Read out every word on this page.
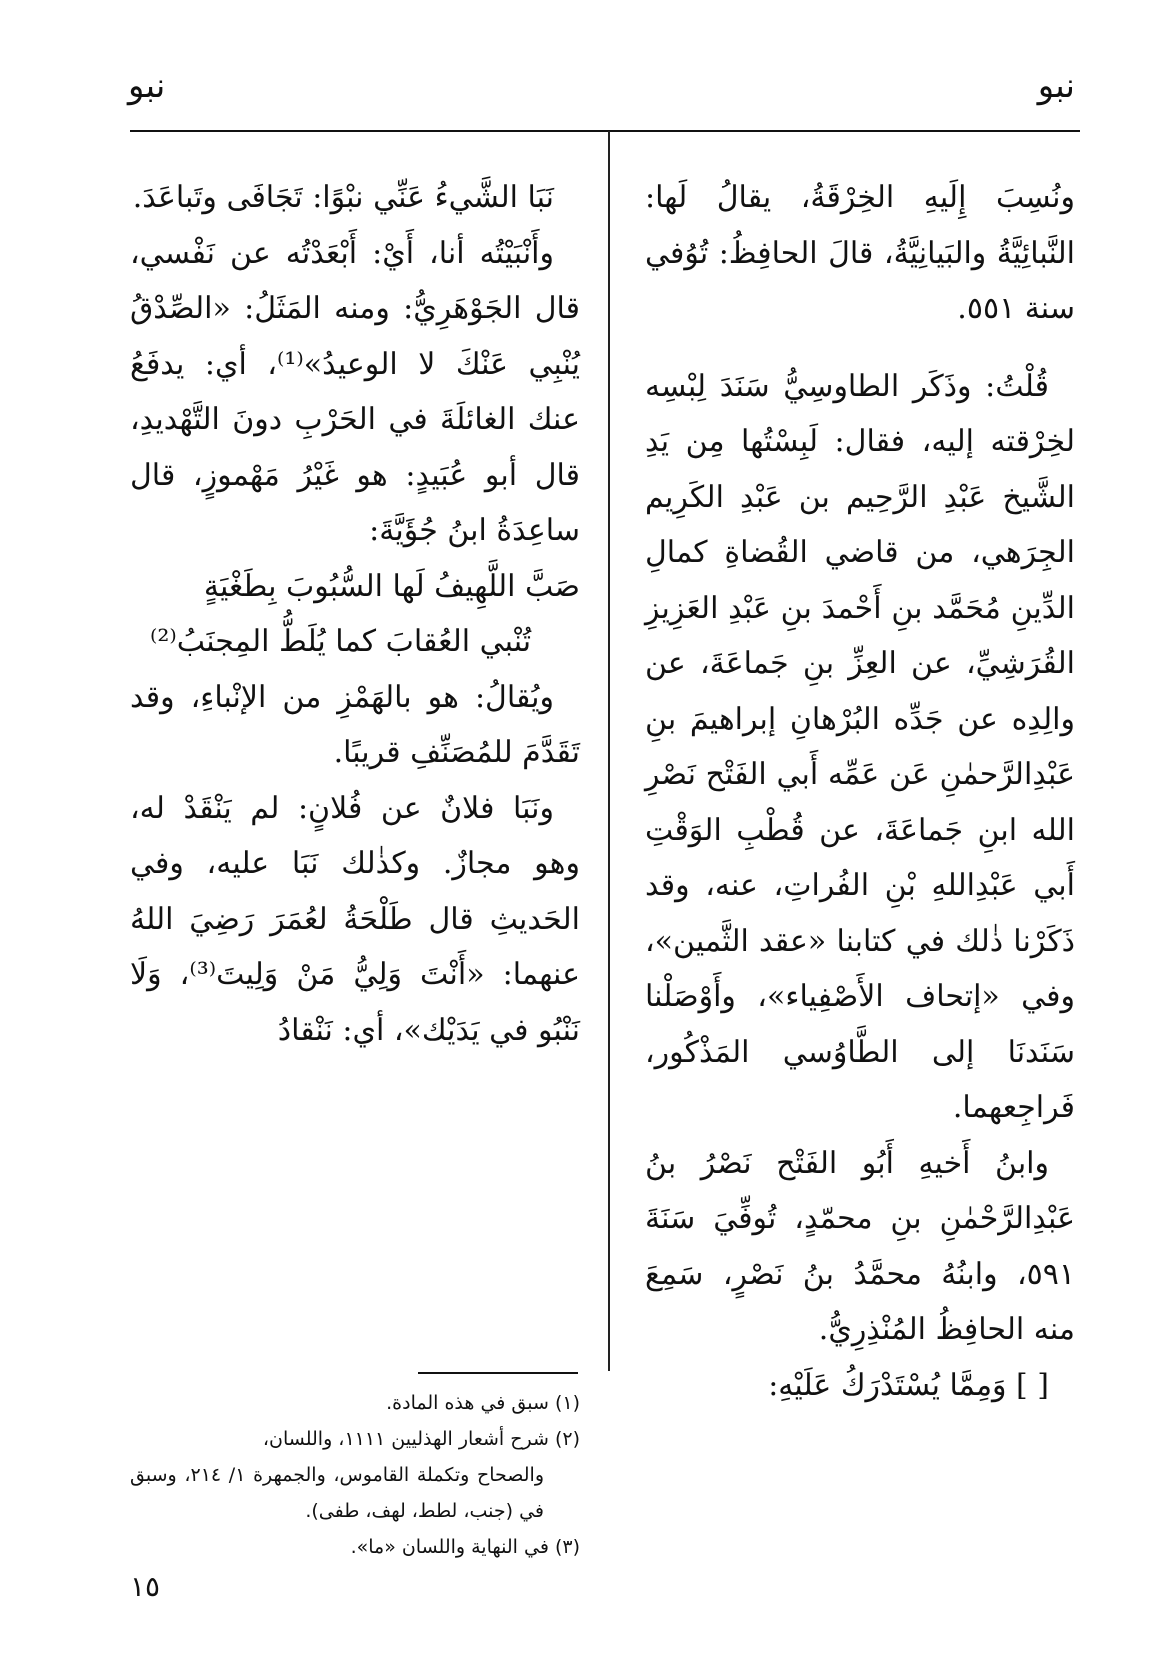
نبو
نبو

ونُسِبَ إِلَيهِ الخِرْقَةُ، يقالُ لَها: النَّبائِيَّةُ والبَيانِيَّةُ، قالَ الحافِظُ: تُوُفي سنة ٥٥١.

قُلْتُ: وذَكَر الطاوسِيُّ سَنَدَ لِبْسِه لخِرْقته إليه، فقال: لَبِسْتُها مِن يَدِ الشَّيخ عَبْدِ الرَّحِيم بن عَبْدِ الكَرِيم الجِرَهي، من قاضي القُضاةِ كمالِ الدِّينِ مُحَمَّد بنِ أَحْمدَ بنِ عَبْدِ العَزِيزِ القُرَشِيِّ، عن العِزِّ بنِ جَماعَةَ، عن والِدِه عن جَدِّه البُرْهانِ إبراهيمَ بنِ عَبْدِالرَّحمٰنِ عَن عَمِّه أَبي الفَتْح نَصْرِ الله ابنِ جَماعَةَ، عن قُطْبِ الوَقْتِ أَبي عَبْدِاللهِ بْنِ الفُراتِ، عنه، وقد ذَكَرْنا ذٰلك في كتابنا «عقد الثَّمين»، وفي «إتحاف الأَصْفِياء»، وأَوْصَلْنا سَنَدنَا إلى الطَّاوُسي المَذْكُور، فَراجِعهما.

وابنُ أَخيهِ أَبُو الفَتْح نَصْرُ بنُ عَبْدِالرَّحْمٰنِ بنِ محمّدٍ، تُوفِّيَ سَنَةَ ٥٩١، وابنُهُ محمَّدُ بنُ نَصْرٍ، سَمِعَ منه الحافِظُ المُنْذِرِيُّ.

[ ] وَمِمَّا يُسْتَدْرَكُ عَلَيْهِ:

نَبَا الشَّيءُ عَنِّي نبْوًا: تَجَافَى وتَباعَدَ.

وأَنْبَيْتُه أنا، أَيْ: أَبْعَدْتُه عن نَفْسي، قال الجَوْهَرِيُّ: ومنه المَثَلُ: «الصِّدْقُ يُنْبِي عَنْكَ لا الوعيدُ»⁽¹⁾، أي: يدفَعُ عنك الغائلَةَ في الحَرْبِ دونَ التَّهْديدِ، قال أبو عُبَيدٍ: هو غَيْرُ مَهْموزٍ، قال ساعِدَةُ ابنُ جُؤَيَّةَ:

صَبَّ اللَّهِيفُ لَها السُّبُوبَ بِطَغْيَةٍ

تُنْبي العُقابَ كما يُلَطُّ المِجنَبُ⁽²⁾

ويُقالُ: هو بالهَمْزِ من الإنْباءِ، وقد تَقَدَّمَ للمُصَنِّفِ قريبًا.

ونَبَا فلانٌ عن فُلانٍ: لم يَنْقَدْ له، وهو مجازٌ. وكذٰلك نَبَا عليه، وفي الحَديثِ قال طَلْحَةُ لعُمَرَ رَضِيَ اللهُ عنهما: «أَنْتَ وَلِيُّ مَنْ وَلِيتَ⁽³⁾، وَلَا نَنْبُو في يَدَيْك»، أي: نَنْقادُ

(١) سبق في هذه المادة.

(٢) شرح أشعار الهذليين ١١١١، واللسان،

والصحاح وتكملة القاموس، والجمهرة ١/ ٢١٤، وسبق في (جنب، لطط، لهف، طفى).

(٣) في النهاية واللسان «ما».

١٥
